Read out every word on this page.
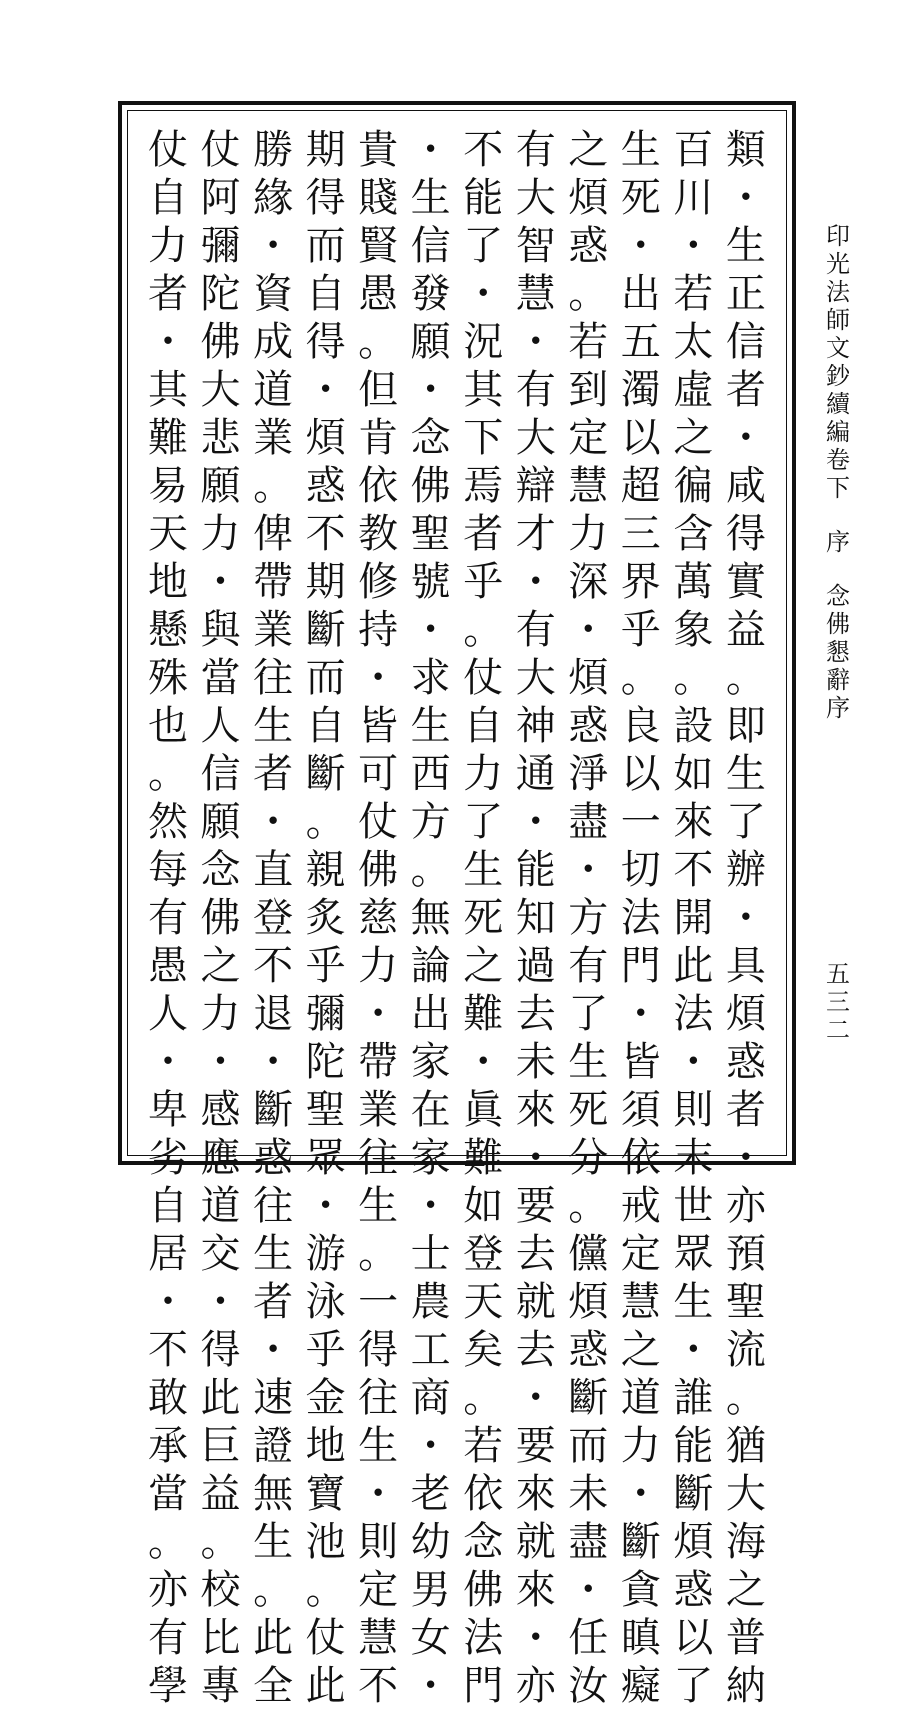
印
光
法
師
文
鈔
續
編
卷
下
序
念
佛
懇
辭
序
五
三
二
類
・
生
正
信
者
・
咸
得
實
益
。
即
生
了
辦
・
具
煩
惑
者
・
亦
預
聖
流
。
猶
大
海
之
普
納
百
川
・
若
太
虛
之
徧
含
萬
象
。
設
如
來
不
開
此
法
・
則
末
世
眾
生
・
誰
能
斷
煩
惑
以
了
生
死
・
出
五
濁
以
超
三
界
乎
。
良
以
一
切
法
門
・
皆
須
依
戒
定
慧
之
道
力
・
斷
貪
瞋
癡
之
煩
惑
。
若
到
定
慧
力
深
・
煩
惑
淨
盡
・
方
有
了
生
死
分
。
儻
煩
惑
斷
而
未
盡
・
任
汝
有
大
智
慧
・
有
大
辯
才
・
有
大
神
通
・
能
知
過
去
未
來
・
要
去
就
去
・
要
來
就
來
・
亦
不
能
了
・
況
其
下
焉
者
乎
。
仗
自
力
了
生
死
之
難
・
眞
難
如
登
天
矣
。
若
依
念
佛
法
門
・
生
信
發
願
・
念
佛
聖
號
・
求
生
西
方
。
無
論
出
家
在
家
・
士
農
工
商
・
老
幼
男
女
・
貴
賤
賢
愚
。
但
肯
依
教
修
持
・
皆
可
仗
佛
慈
力
・
帶
業
往
生
。
一
得
往
生
・
則
定
慧
不
期
得
而
自
得
・
煩
惑
不
期
斷
而
自
斷
。
親
炙
乎
彌
陀
聖
眾
・
游
泳
乎
金
地
寶
池
。
仗
此
勝
緣
・
資
成
道
業
。
俾
帶
業
往
生
者
・
直
登
不
退
・
斷
惑
往
生
者
・
速
證
無
生
。
此
全
仗
阿
彌
陀
佛
大
悲
願
力
・
與
當
人
信
願
念
佛
之
力
・
感
應
道
交
・
得
此
巨
益
。
校
比
專
仗
自
力
者
・
其
難
易
天
地
懸
殊
也
。
然
每
有
愚
人
・
卑
劣
自
居
・
不
敢
承
當
。
亦
有
學
